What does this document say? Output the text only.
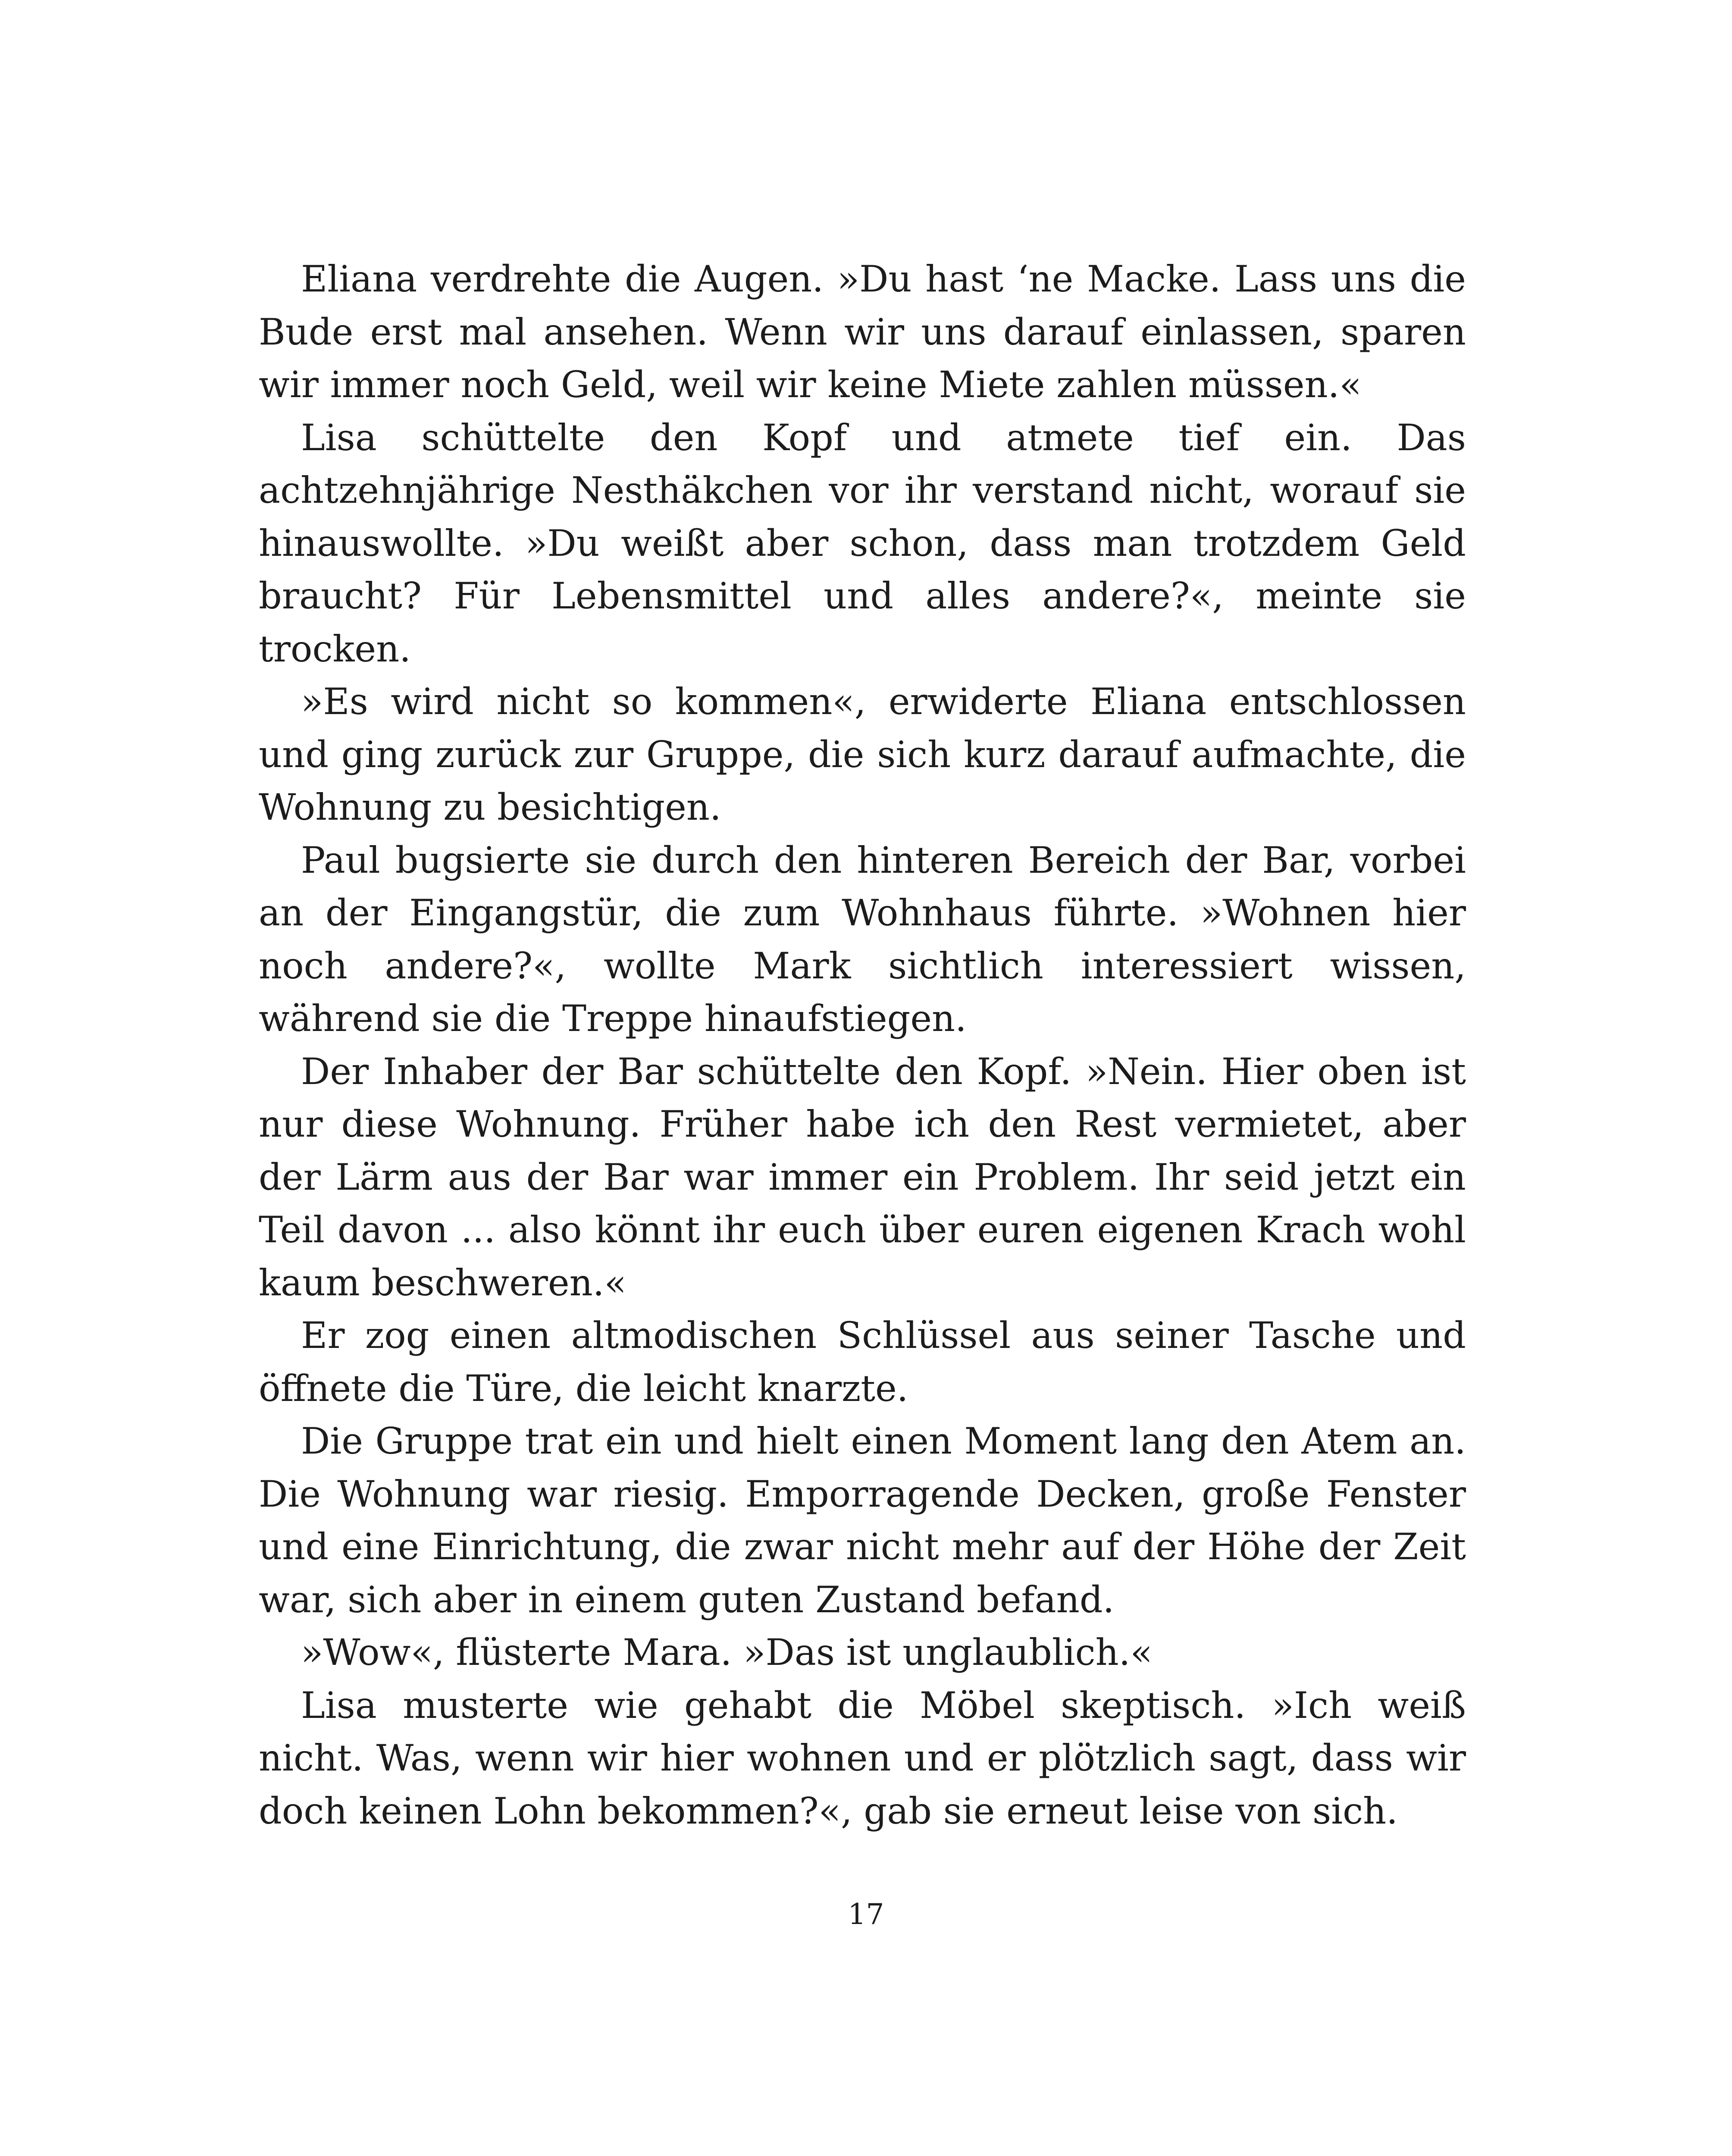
Eliana verdrehte die Augen. »Du hast ‘ne Macke. Lass uns die Bude erst mal ansehen. Wenn wir uns darauf einlassen, sparen wir immer noch Geld, weil wir keine Miete zahlen müssen.«

Lisa schüttelte den Kopf und atmete tief ein. Das achtzehnjährige Nesthäkchen vor ihr verstand nicht, worauf sie hinauswollte. »Du weißt aber schon, dass man trotzdem Geld braucht? Für Lebensmittel und alles andere?«, meinte sie trocken.

»Es wird nicht so kommen«, erwiderte Eliana entschlossen und ging zurück zur Gruppe, die sich kurz darauf aufmachte, die Wohnung zu besichtigen.

Paul bugsierte sie durch den hinteren Bereich der Bar, vorbei an der Eingangstür, die zum Wohnhaus führte. »Wohnen hier noch andere?«, wollte Mark sichtlich interessiert wissen, während sie die Treppe hinaufstiegen.

Der Inhaber der Bar schüttelte den Kopf. »Nein. Hier oben ist nur diese Wohnung. Früher habe ich den Rest vermietet, aber der Lärm aus der Bar war immer ein Problem. Ihr seid jetzt ein Teil davon ... also könnt ihr euch über euren eigenen Krach wohl kaum beschweren.«

Er zog einen altmodischen Schlüssel aus seiner Tasche und öffnete die Türe, die leicht knarzte.

Die Gruppe trat ein und hielt einen Moment lang den Atem an. Die Wohnung war riesig. Emporragende Decken, große Fenster und eine Einrichtung, die zwar nicht mehr auf der Höhe der Zeit war, sich aber in einem guten Zustand befand.

»Wow«, flüsterte Mara. »Das ist unglaublich.«

Lisa musterte wie gehabt die Möbel skeptisch. »Ich weiß nicht. Was, wenn wir hier wohnen und er plötzlich sagt, dass wir doch keinen Lohn bekommen?«, gab sie erneut leise von sich.

17
